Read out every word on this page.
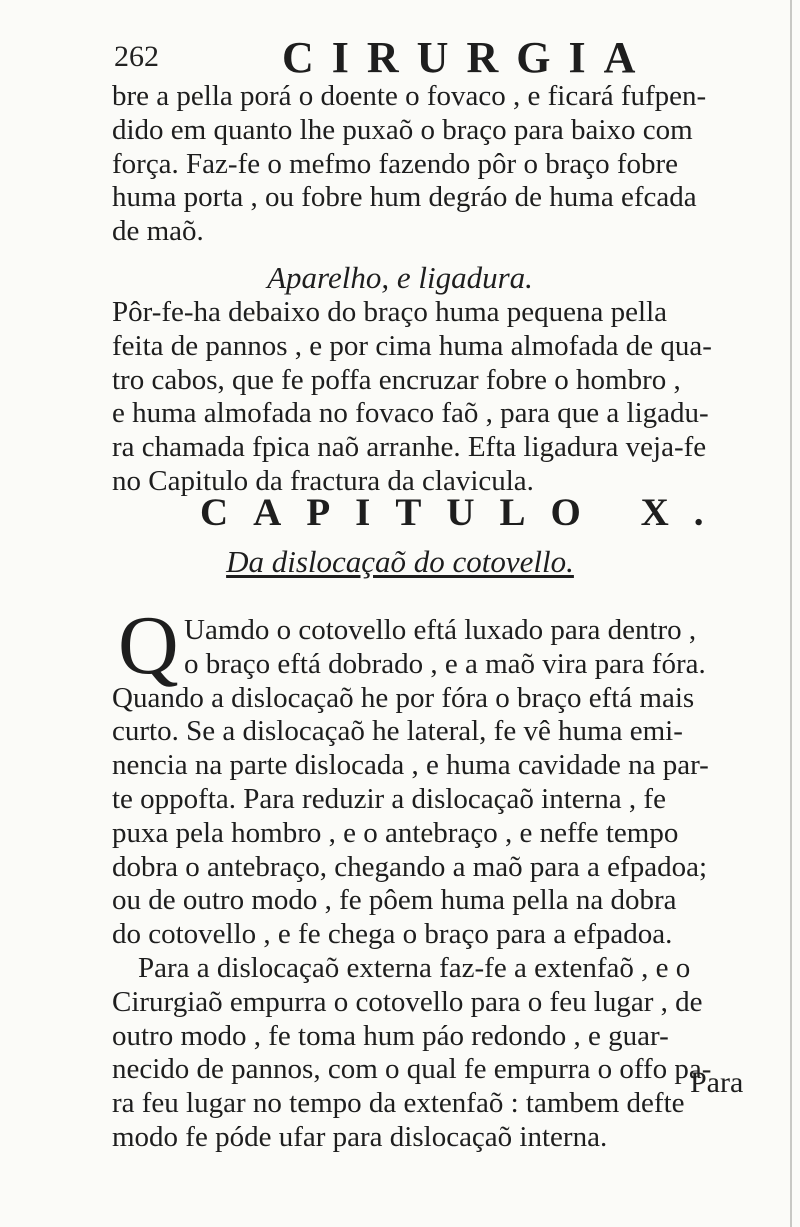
262	CIRURGIA
bre a pella porá o doente o fovaco , e ficará fufpen-
dido em quanto lhe puxaõ o braço para baixo com
força. Faz-fe o mefmo fazendo pôr o braço fobre
huma porta , ou fobre hum degráo de huma efcada
de maõ.
Aparelho, e ligadura.
Pôr-fe-ha debaixo do braço huma pequena pella
feita de pannos , e por cima huma almofada de qua-
tro cabos, que fe poffa encruzar fobre o hombro ,
e huma almofada no fovaco faõ , para que a ligadu-
ra chamada fpica naõ arranhe. Efta ligadura veja-fe
no Capitulo da fractura da clavicula.
CAPITULO X.
Da dislocaçaõ do cotovello.
Q Uamdo o cotovello eftá luxado para dentro ,
o braço eftá dobrado , e a maõ vira para fóra.
Quando a dislocaçaõ he por fóra o braço eftá mais
curto. Se a dislocaçaõ he lateral, fe vê huma emi-
nencia na parte dislocada , e huma cavidade na par-
te oppofta. Para reduzir a dislocaçaõ interna , fe
puxa pela hombro , e o antebraço , e neffe tempo
dobra o antebraço, chegando a maõ para a efpadoa;
ou de outro modo , fe pôem huma pella na dobra
do cotovello , e fe chega o braço para a efpadoa.
Para a dislocaçaõ externa faz-fe a extenfaõ , e o
Cirurgiaõ empurra o cotovello para o feu lugar , de
outro modo , fe toma hum páo redondo , e guar-
necido de pannos, com o qual fe empurra o offo pa-
ra feu lugar no tempo da extenfaõ : tambem defte
modo fe póde ufar para dislocaçaõ interna.
Para
